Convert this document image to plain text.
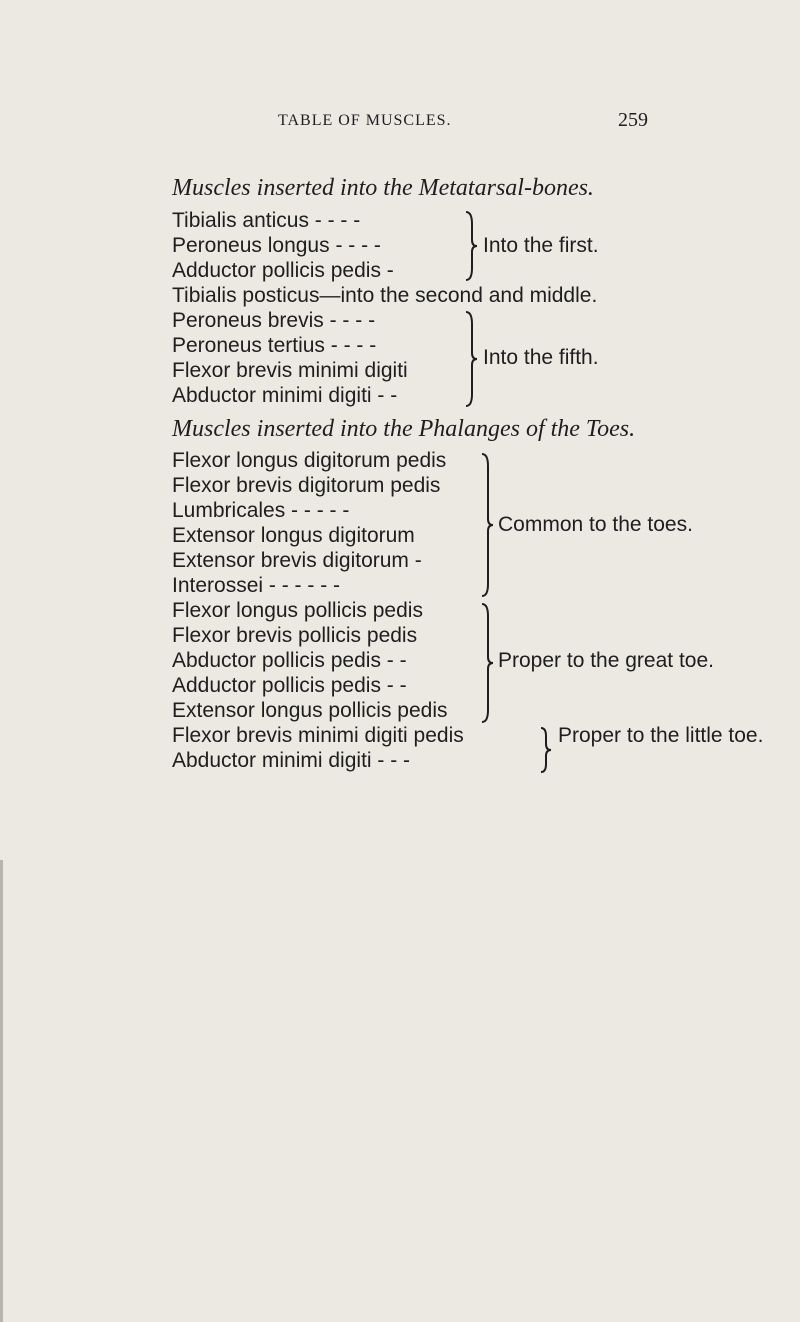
TABLE OF MUSCLES.	259
Muscles inserted into the Metatarsal-bones.
Tibialis anticus - - - -
Peroneus longus - - - -
Adductor pollicis pedis -
Into the first.
Tibialis posticus—into the second and middle.
Peroneus brevis - - - -
Peroneus tertius - - - -
Flexor brevis minimi digiti
Abductor minimi digiti - -
Into the fifth.
Muscles inserted into the Phalanges of the Toes.
Flexor longus digitorum pedis
Flexor brevis digitorum pedis
Lumbricales - - - - -
Extensor longus digitorum
Extensor brevis digitorum -
Interossei - - - - - -
Common to the toes.
Flexor longus pollicis pedis
Flexor brevis pollicis pedis
Abductor pollicis pedis - -
Adductor pollicis pedis - -
Extensor longus pollicis pedis
Proper to the great toe.
Flexor brevis minimi digiti pedis
Abductor minimi digiti - - -
Proper to the little toe.
